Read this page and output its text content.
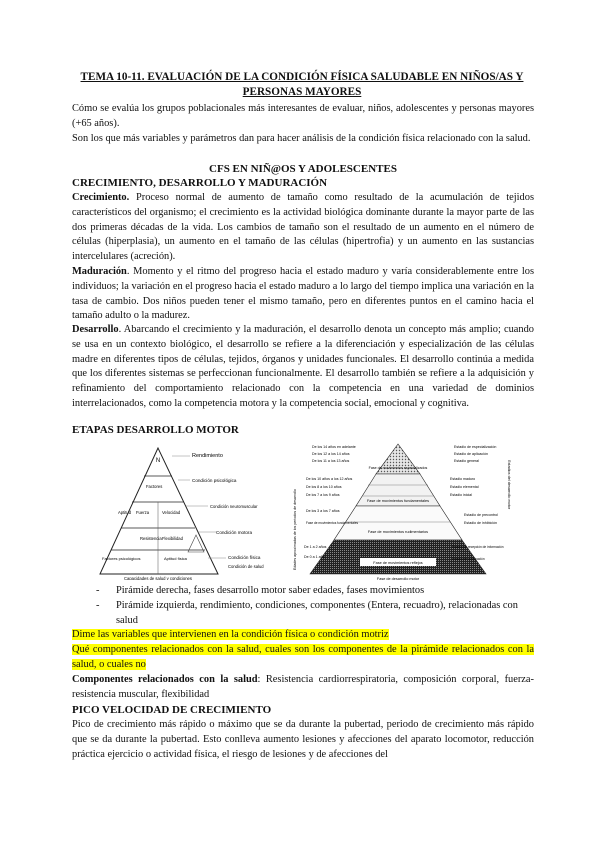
TEMA 10-11. EVALUACIÓN DE LA CONDICIÓN FÍSICA SALUDABLE EN NIÑOS/AS Y PERSONAS MAYORES
Cómo se evalúa los grupos poblacionales más interesantes de evaluar, niños, adolescentes y personas mayores (+65 años).
Son los que más variables y parámetros dan para hacer análisis de la condición física relacionado con la salud.
CFS EN NIÑ@OS Y ADOLESCENTES
CRECIMIENTO, DESARROLLO Y MADURACIÓN
Crecimiento. Proceso normal de aumento de tamaño como resultado de la acumulación de tejidos característicos del organismo; el crecimiento es la actividad biológica dominante durante la mayor parte de las dos primeras décadas de la vida. Los cambios de tamaño son el resultado de un aumento en el número de células (hiperplasia), un aumento en el tamaño de las células (hipertrofia) y un aumento en las sustancias intercelulares (acreción).
Maduración. Momento y el ritmo del progreso hacia el estado maduro y varía considerablemente entre los individuos; la variación en el progreso hacia el estado maduro a lo largo del tiempo implica una variación en la tasa de cambio. Dos niños pueden tener el mismo tamaño, pero en diferentes puntos en el camino hacia el tamaño adulto o la madurez.
Desarrollo. Abarcando el crecimiento y la maduración, el desarrollo denota un concepto más amplio; cuando se usa en un contexto biológico, el desarrollo se refiere a la diferenciación y especialización de las células madre en diferentes tipos de células, tejidos, órganos y unidades funcionales. El desarrollo continúa a medida que los diferentes sistemas se perfeccionan funcionalmente. El desarrollo también se refiere a la adquisición y refinamiento del comportamiento relacionado con la competencia en una variedad de dominios interrelacionados, como la competencia motora y la competencia social, emocional y cognitiva.
ETAPAS DESARROLLO MOTOR
N
Rendimiento
Condición psicológica
Condición neuromuscular
Condición motora
Condición física
Condición de salud
Factores
Aptitud Fuerza
Resistencia
Velocidad
Flexibilidad
Factores psicológicos	Aptitud física
Capacidades de salud y condiciones
Fase de movimientos especializados
Fase de movimientos fundamentales
Fase de movimientos rudimentarios
Fase de movimientos reflejos
De los 14 años en adelante
De los 12 a los 14 años
De los 11 a los 13 años
De los 10 años a los 12 años
De los 8 a los 10 años
De los 7 a los 9 años
De los 3 a los 7 años
Fase de movimientos fundamentales
De 1 a 2 años
De 0 a 1 año
Estadio de especialización
Estadio de aplicación
Estadio general
Estadio maduro
Estadio elemental
Estadio inicial
Estadio de precontrol
Estadio de inhibición
Estadio de recepción de información
Estadio de codificación
Edades aproximadas de los periodos de desarrollo
Estadios del desarrollo motor
Fase de desarrollo motor
- Pirámide derecha, fases desarrollo motor saber edades, fases movimientos
- Pirámide izquierda, rendimiento, condiciones, componentes (Entera, recuadro), relacionadas con salud
Dime las variables que intervienen en la condición física o condición motriz
Qué componentes relacionados con la salud, cuales son los componentes de la pirámide relacionados con la salud, o cuales no
Componentes relacionados con la salud: Resistencia cardiorrespiratoria, composición corporal, fuerza-resistencia muscular, flexibilidad
PICO VELOCIDAD DE CRECIMIENTO
Pico de crecimiento más rápido o máximo que se da durante la pubertad, periodo de crecimiento más rápido que se da durante la pubertad. Esto conlleva aumento lesiones y afecciones del aparato locomotor, reducción práctica ejercicio o actividad física, el riesgo de lesiones y de afecciones del
